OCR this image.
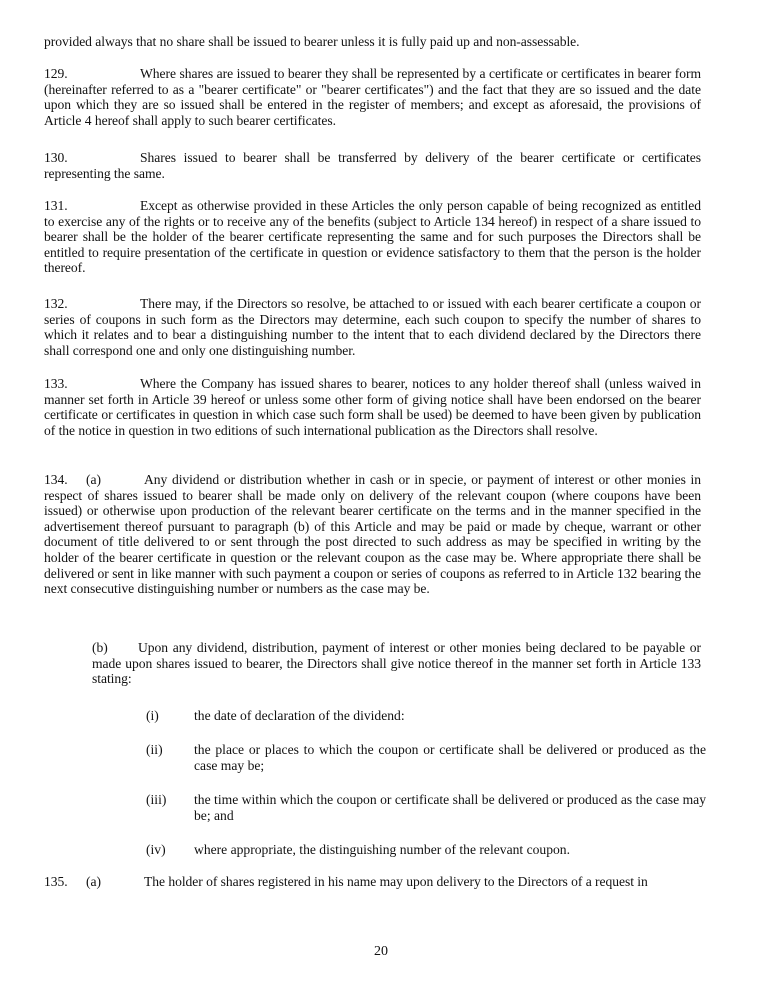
provided always that no share shall be issued to bearer unless it is fully paid up and non-assessable.
129.	Where shares are issued to bearer they shall be represented by a certificate or certificates in bearer form (hereinafter referred to as a "bearer certificate" or "bearer certificates") and the fact that they are so issued and the date upon which they are so issued shall be entered in the register of members; and except as aforesaid, the provisions of Article 4 hereof shall apply to such bearer certificates.
130.	Shares issued to bearer shall be transferred by delivery of the bearer certificate or certificates representing the same.
131.	Except as otherwise provided in these Articles the only person capable of being recognized as entitled to exercise any of the rights or to receive any of the benefits (subject to Article 134 hereof) in respect of a share issued to bearer shall be the holder of the bearer certificate representing the same and for such purposes the Directors shall be entitled to require presentation of the certificate in question or evidence satisfactory to them that the person is the holder thereof.
132.	There may, if the Directors so resolve, be attached to or issued with each bearer certificate a coupon or series of coupons in such form as the Directors may determine, each such coupon to specify the number of shares to which it relates and to bear a distinguishing number to the intent that to each dividend declared by the Directors there shall correspond one and only one distinguishing number.
133.	Where the Company has issued shares to bearer, notices to any holder thereof shall (unless waived in manner set forth in Article 39 hereof or unless some other form of giving notice shall have been endorsed on the bearer certificate or certificates in question in which case such form shall be used) be deemed to have been given by publication of the notice in question in two editions of such international publication as the Directors shall resolve.
134. (a)	Any dividend or distribution whether in cash or in specie, or payment of interest or other monies in respect of shares issued to bearer shall be made only on delivery of the relevant coupon (where coupons have been issued) or otherwise upon production of the relevant bearer certificate on the terms and in the manner specified in the advertisement thereof pursuant to paragraph (b) of this Article and may be paid or made by cheque, warrant or other document of title delivered to or sent through the post directed to such address as may be specified in writing by the holder of the bearer certificate in question or the relevant coupon as the case may be. Where appropriate there shall be delivered or sent in like manner with such payment a coupon or series of coupons as referred to in Article 132 bearing the next consecutive distinguishing number or numbers as the case may be.
(b) Upon any dividend, distribution, payment of interest or other monies being declared to be payable or made upon shares issued to bearer, the Directors shall give notice thereof in the manner set forth in Article 133 stating:
(i)	the date of declaration of the dividend:
(ii)	the place or places to which the coupon or certificate shall be delivered or produced as the case may be;
(iii)	the time within which the coupon or certificate shall be delivered or produced as the case may be; and
(iv)	where appropriate, the distinguishing number of the relevant coupon.
135. (a)	The holder of shares registered in his name may upon delivery to the Directors of a request in
20
